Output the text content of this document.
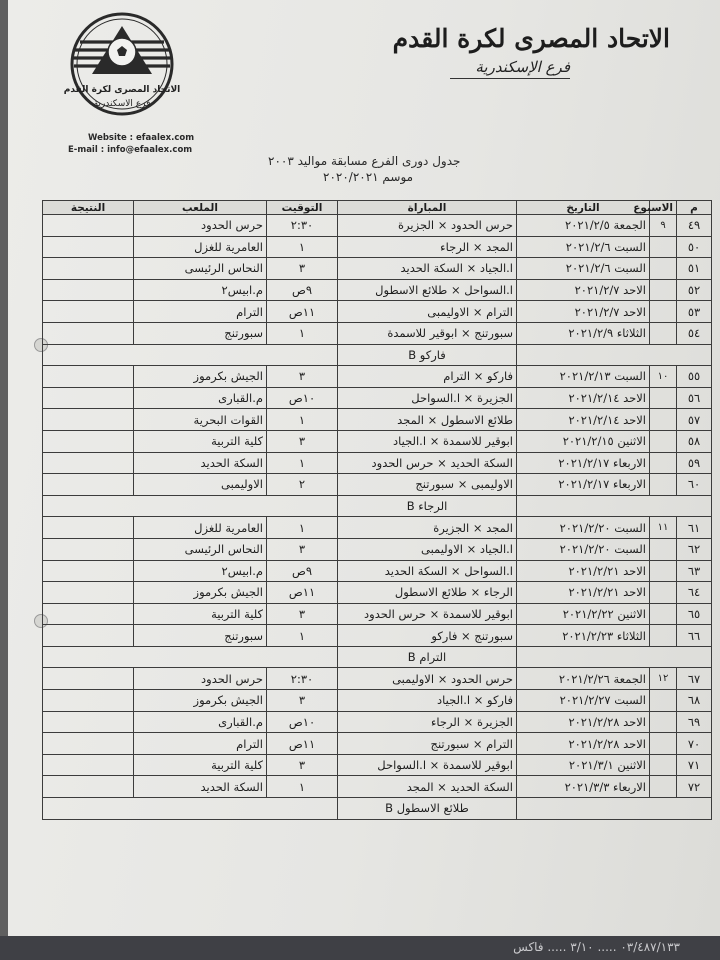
الاتحاد المصرى لكرة القدم
فرع الاسكندرية
الاتحاد المصرى لكرة القدم
فرع الإسكندرية
Website : efaalex.com
E-mail : info@efaalex.com
جدول دورى الفرع مسابقة مواليد ٢٠٠٣
موسم ٢٠٢٠/٢٠٢١
م	الاسبوع	التاريخ	المباراة	التوقيت	الملعب	النتيجة
٤٩	٩	الجمعة ٢٠٢١/٢/٥	حرس الحدود × الجزيرة	٢:٣٠	حرس الحدود	
٥٠		السبت ٢٠٢١/٢/٦	المجد × الرجاء	١	العامرية للغزل	
٥١		السبت ٢٠٢١/٢/٦	ا.الجياد × السكة الحديد	٣	النحاس الرئيسى	
٥٢		الاحد ٢٠٢١/٢/٧	ا.السواحل × طلائع الاسطول	٩ص	م.ابيس٢	
٥٣		الاحد ٢٠٢١/٢/٧	الترام × الاوليمبى	١١ص	الترام	
٥٤		الثلاثاء ٢٠٢١/٢/٩	سبورتنج × ابوقير للاسمدة	١	سبورتنج	
			فاركو B			
٥٥	١٠	السبت ٢٠٢١/٢/١٣	فاركو × الترام	٣	الجيش بكرموز	
٥٦		الاحد ٢٠٢١/٢/١٤	الجزيرة × ا.السواحل	١٠ص	م.القبارى	
٥٧		الاحد ٢٠٢١/٢/١٤	طلائع الاسطول × المجد	١	القوات البحرية	
٥٨		الاثنين ٢٠٢١/٢/١٥	ابوقير للاسمدة × ا.الجياد	٣	كلية التربية	
٥٩		الاربعاء ٢٠٢١/٢/١٧	السكة الحديد × حرس الحدود	١	السكة الحديد	
٦٠		الاربعاء ٢٠٢١/٢/١٧	الاوليمبى × سبورتنج	٢	الاوليمبى	
			الرجاء B			
٦١	١١	السبت ٢٠٢١/٢/٢٠	المجد × الجزيرة	١	العامرية للغزل	
٦٢		السبت ٢٠٢١/٢/٢٠	ا.الجياد × الاوليمبى	٣	النحاس الرئيسى	
٦٣		الاحد ٢٠٢١/٢/٢١	ا.السواحل × السكة الحديد	٩ص	م.ابيس٢	
٦٤		الاحد ٢٠٢١/٢/٢١	الرجاء × طلائع الاسطول	١١ص	الجيش بكرموز	
٦٥		الاثنين ٢٠٢١/٢/٢٢	ابوقير للاسمدة × حرس الحدود	٣	كلية التربية	
٦٦		الثلاثاء ٢٠٢١/٢/٢٣	سبورتنج × فاركو	١	سبورتنج	
			الترام B			
٦٧	١٢	الجمعة ٢٠٢١/٢/٢٦	حرس الحدود × الاوليمبى	٢:٣٠	حرس الحدود	
٦٨		السبت ٢٠٢١/٢/٢٧	فاركو × ا.الجياد	٣	الجيش بكرموز	
٦٩		الاحد ٢٠٢١/٢/٢٨	الجزيرة × الرجاء	١٠ص	م.القبارى	
٧٠		الاحد ٢٠٢١/٢/٢٨	الترام × سبورتنج	١١ص	الترام	
٧١		الاثنين ٢٠٢١/٣/١	ابوقير للاسمدة × ا.السواحل	٣	كلية التربية	
٧٢		الاربعاء ٢٠٢١/٣/٣	السكة الحديد × المجد	١	السكة الحديد	
			طلائع الاسطول B			
٠٣/٤٨٧/١٣٣ ..... ٣/١٠ ..... فاكس
